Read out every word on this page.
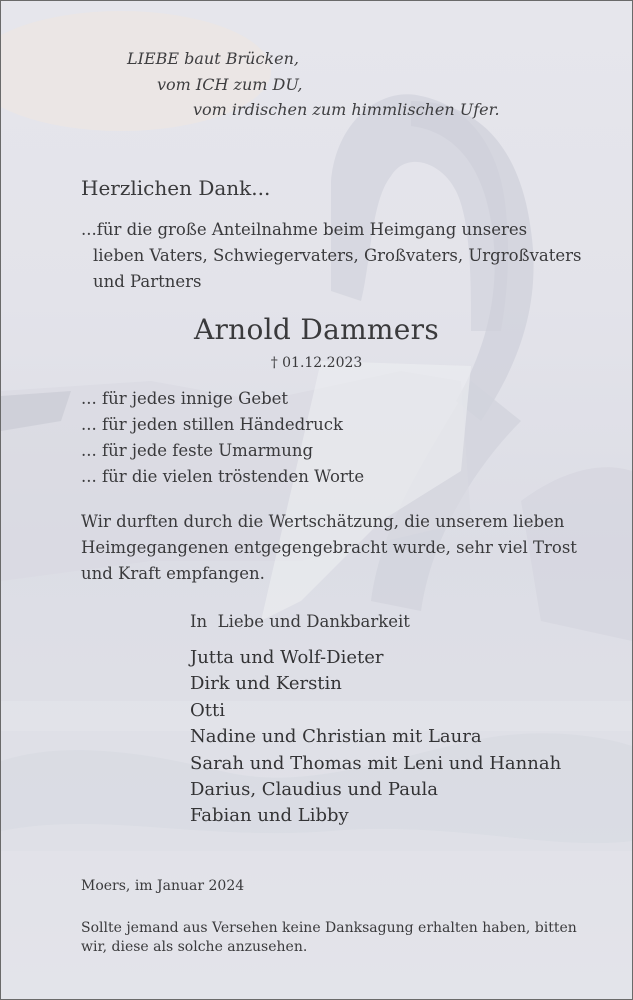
LIEBE baut Brücken,
vom ICH zum DU,
vom irdischen zum himmlischen Ufer.
Herzlichen Dank...
...für die große Anteilnahme beim Heimgang unseres
lieben Vaters, Schwiegervaters, Großvaters, Urgroßvaters
und Partners
Arnold Dammers
† 01.12.2023
... für jedes innige Gebet
... für jeden stillen Händedruck
... für jede feste Umarmung
... für die vielen tröstenden Worte
Wir durften durch die Wertschätzung, die unserem lieben
Heimgegangenen entgegengebracht wurde, sehr viel Trost
und Kraft empfangen.
In  Liebe und Dankbarkeit
Jutta und Wolf-Dieter
Dirk und Kerstin
Otti
Nadine und Christian mit Laura
Sarah und Thomas mit Leni und Hannah
Darius, Claudius und Paula
Fabian und Libby
Moers, im Januar 2024
Sollte jemand aus Versehen keine Danksagung erhalten haben, bitten
wir, diese als solche anzusehen.
